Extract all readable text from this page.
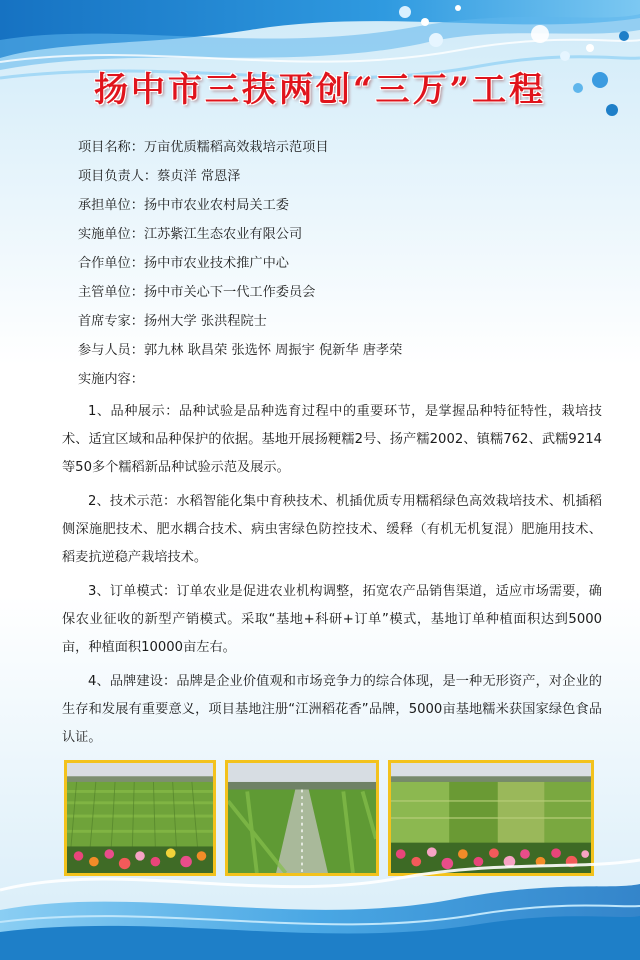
扬中市三扶两创“三万”工程
项目名称：万亩优质糯稻高效栽培示范项目
项目负责人：蔡贞洋 常恩泽
承担单位：扬中市农业农村局关工委
实施单位：江苏紫江生态农业有限公司
合作单位：扬中市农业技术推广中心
主管单位：扬中市关心下一代工作委员会
首席专家：扬州大学 张洪程院士
参与人员：郭九林 耿昌荣 张选怀 周振宇 倪新华 唐孝荣
实施内容：

1、品种展示：品种试验是品种选育过程中的重要环节，是掌握品种特征特性，栽培技术、适宜区域和品种保护的依据。基地开展扬粳糯2号、扬产糯2002、镇糯762、武糯9214等50多个糯稻新品种试验示范及展示。

2、技术示范：水稻智能化集中育秧技术、机插优质专用糯稻绿色高效栽培技术、机插稻侧深施肥技术、肥水耦合技术、病虫害绿色防控技术、缓释（有机无机复混）肥施用技术、稻麦抗逆稳产栽培技术。

3、订单模式：订单农业是促进农业机构调整，拓宽农产品销售渠道，适应市场需要，确保农业征收的新型产销模式。采取“基地+科研+订单”模式，基地订单种植面积达到5000亩，种植面积10000亩左右。

4、品牌建设：品牌是企业价值观和市场竞争力的综合体现，是一种无形资产，对企业的生存和发展有重要意义，项目基地注册“江洲稻花香”品牌，5000亩基地糯米获国家绿色食品认证。
